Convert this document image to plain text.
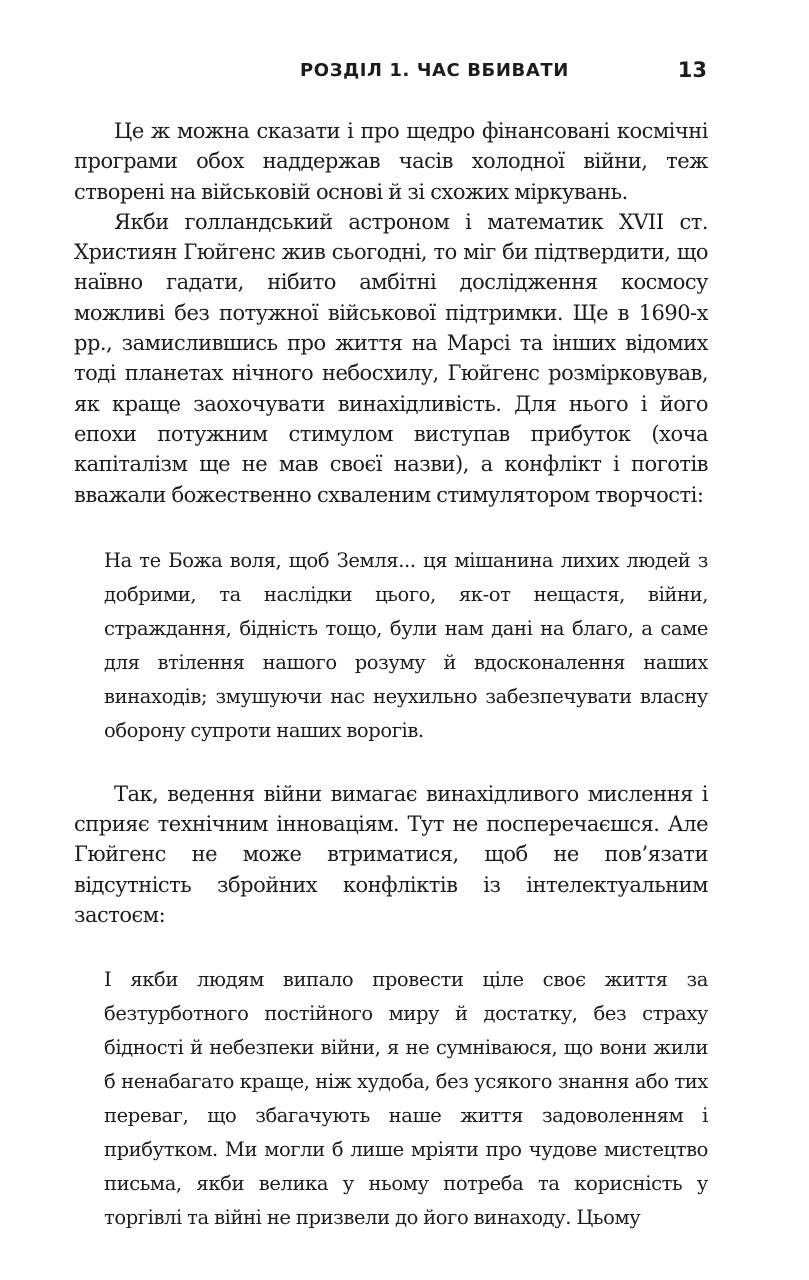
РОЗДІЛ 1. ЧАС ВБИВАТИ	13

Це ж можна сказати і про щедро фінансовані космічні програми обох наддержав часів холодної війни, теж створені на військовій основі й зі схожих міркувань.

Якби голландський астроном і математик XVII ст. Християн Гюйгенс жив сьогодні, то міг би підтвердити, що наївно гадати, нібито амбітні дослідження космосу можливі без потужної військової підтримки. Ще в 1690-х рр., замислившись про життя на Марсі та інших відомих тоді планетах нічного небосхилу, Гюйгенс розмірковував, як краще заохочувати винахідливість. Для нього і його епохи потужним стимулом виступав прибуток (хоча капіталізм ще не мав своєї назви), а конфлікт і поготів вважали божественно схваленим стимулятором творчості:

На те Божа воля, щоб Земля... ця мішанина лихих людей з добрими, та наслідки цього, як-от нещастя, війни, страждання, бідність тощо, були нам дані на благо, а саме для втілення нашого розуму й вдосконалення наших винаходів; змушуючи нас неухильно забезпечувати власну оборону супроти наших ворогів.

Так, ведення війни вимагає винахідливого мислення і сприяє технічним інноваціям. Тут не посперечаєшся. Але Гюйгенс не може втриматися, щоб не пов’язати відсутність збройних конфліктів із інтелектуальним застоєм:

І якби людям випало провести ціле своє життя за безтурботного постійного миру й достатку, без страху бідності й небезпеки війни, я не сумніваюся, що вони жили б ненабагато краще, ніж худоба, без усякого знання або тих переваг, що збагачують наше життя задоволенням і прибутком. Ми могли б лише мріяти про чудове мистецтво письма, якби велика у ньому потреба та корисність у торгівлі та війні не призвели до його винаходу. Цьому
